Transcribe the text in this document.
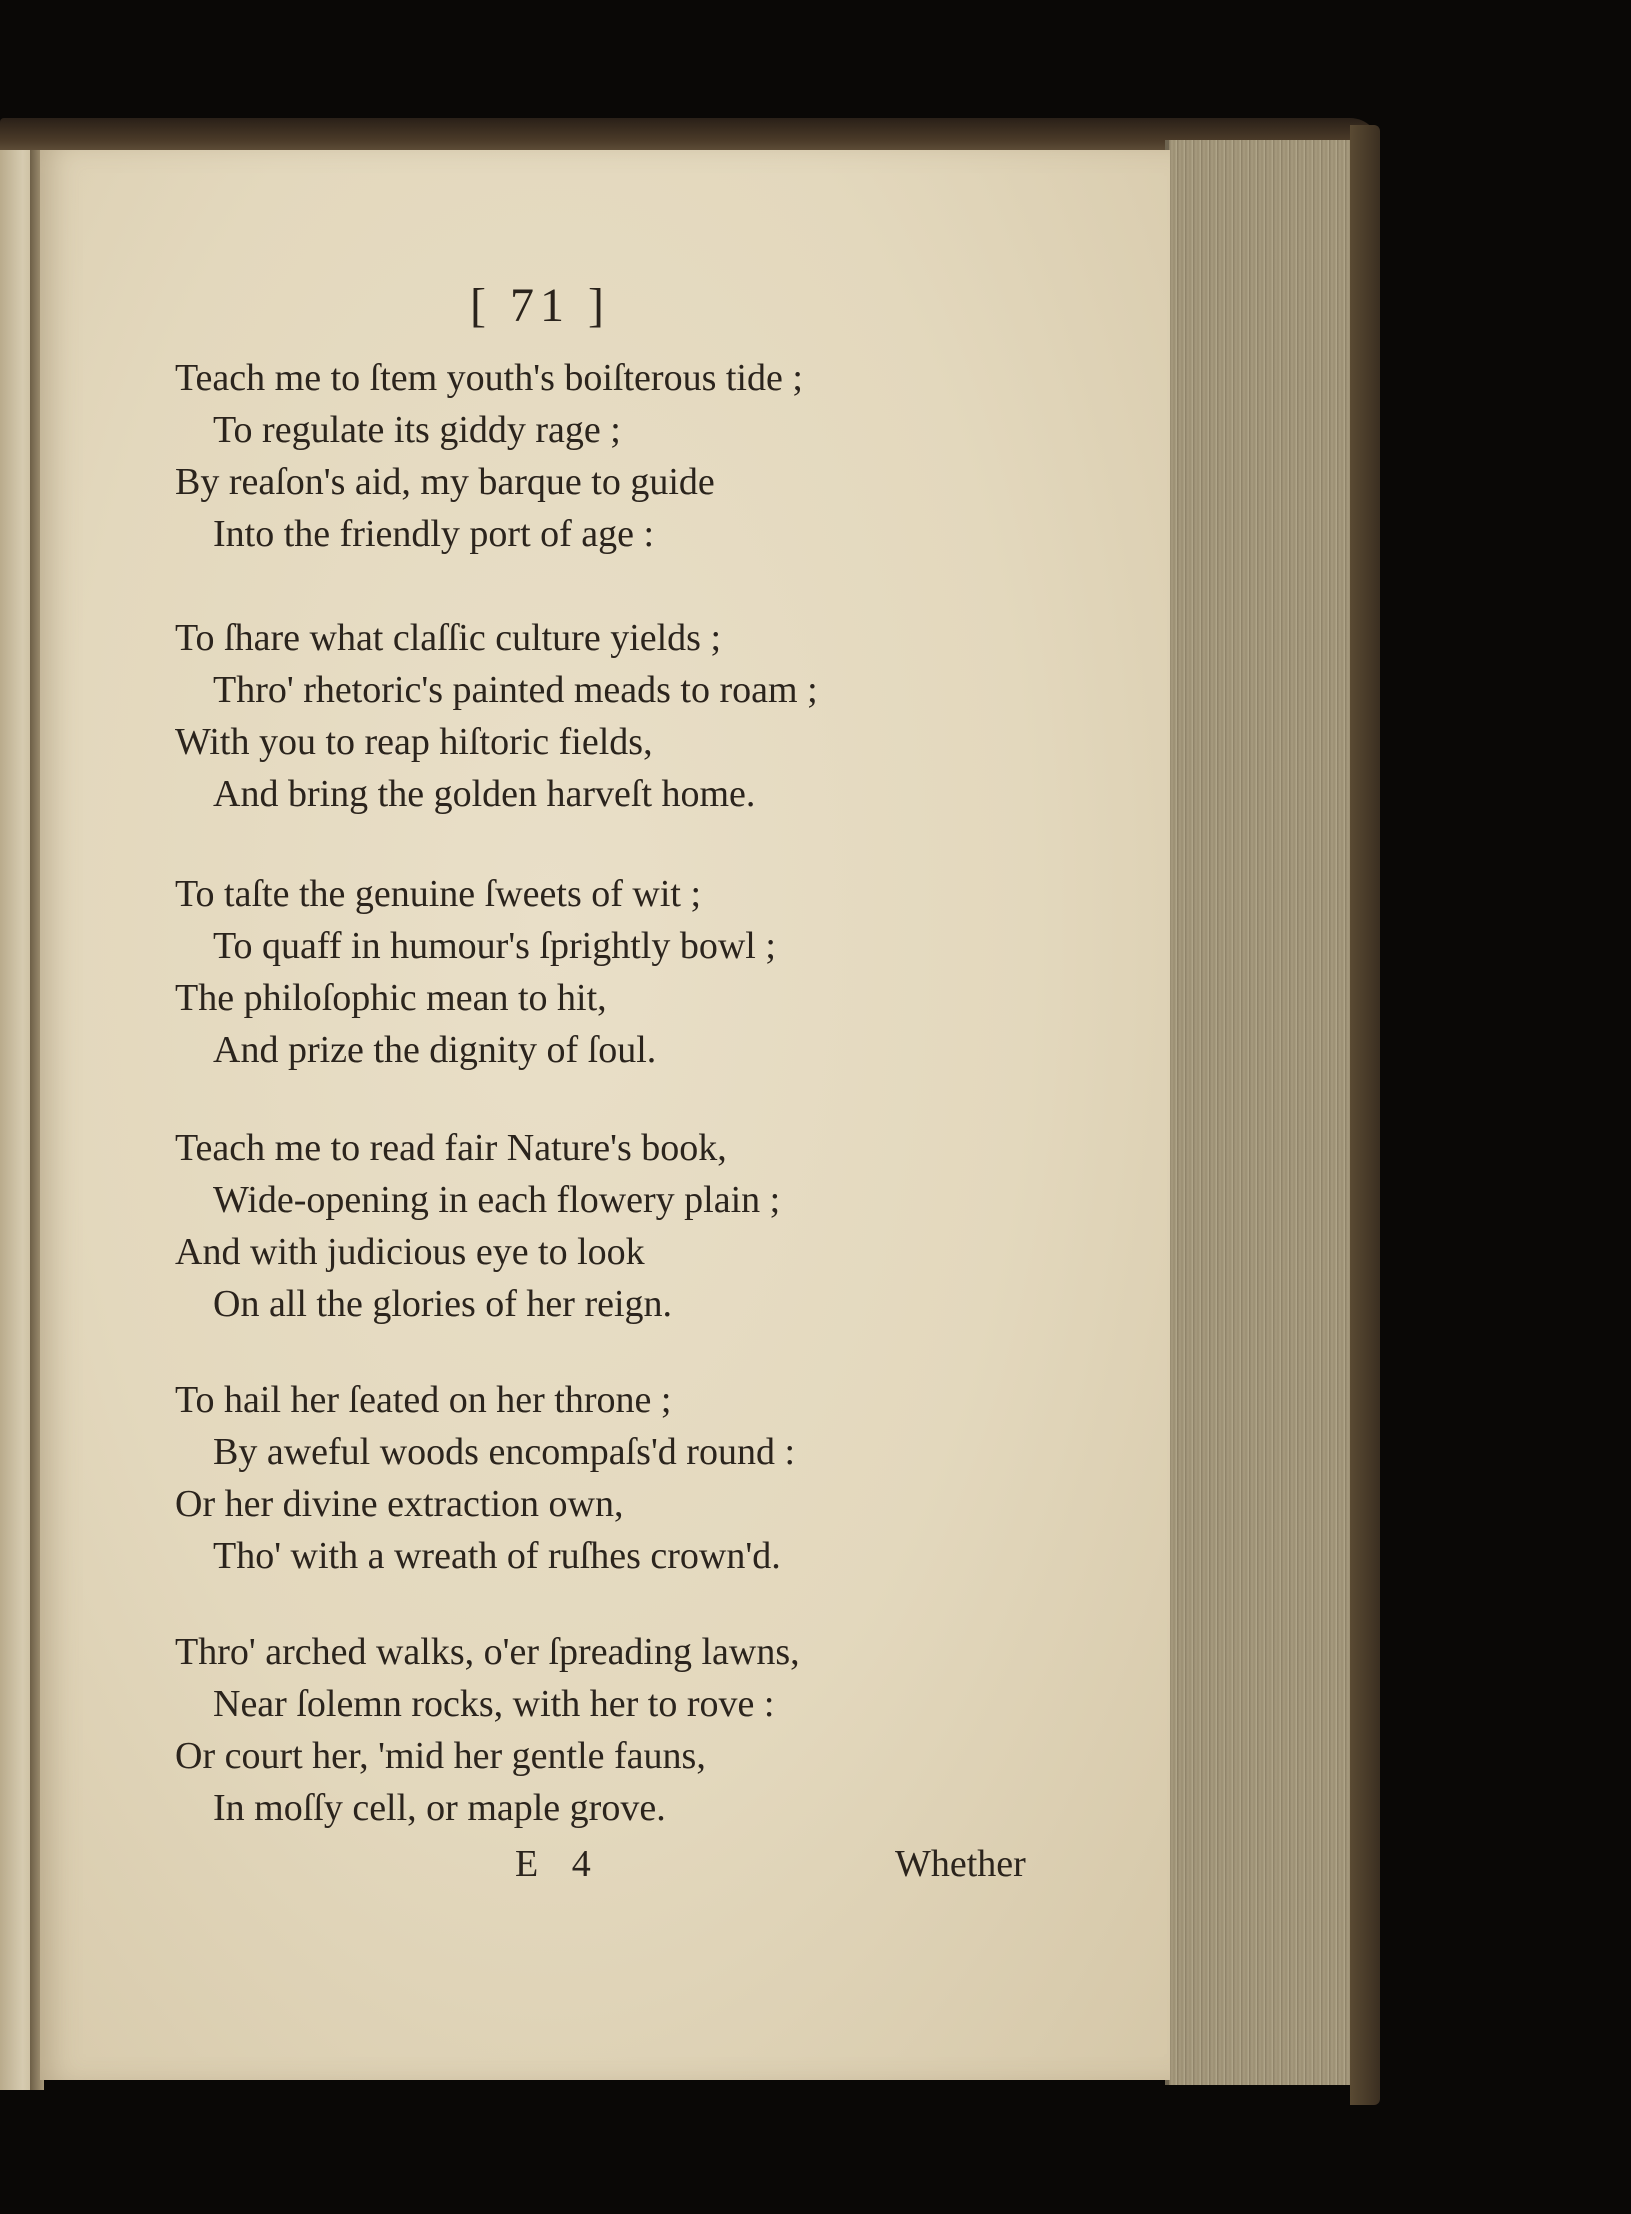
[ 71 ]
Teach me to ſtem youth's boiſterous tide ;
To regulate its giddy rage ;
By reaſon's aid, my barque to guide
Into the friendly port of age :
To ſhare what claſſic culture yields ;
Thro' rhetoric's painted meads to roam ;
With you to reap hiſtoric fields,
And bring the golden harveſt home.
To taſte the genuine ſweets of wit ;
To quaff in humour's ſprightly bowl ;
The philoſophic mean to hit,
And prize the dignity of ſoul.
Teach me to read fair Nature's book,
Wide-opening in each flowery plain ;
And with judicious eye to look
On all the glories of her reign.
To hail her ſeated on her throne ;
By aweful woods encompaſs'd round :
Or her divine extraction own,
Tho' with a wreath of ruſhes crown'd.
Thro' arched walks, o'er ſpreading lawns,
Near ſolemn rocks, with her to rove :
Or court her, 'mid her gentle fauns,
In moſſy cell, or maple grove.
E 4	Whether
